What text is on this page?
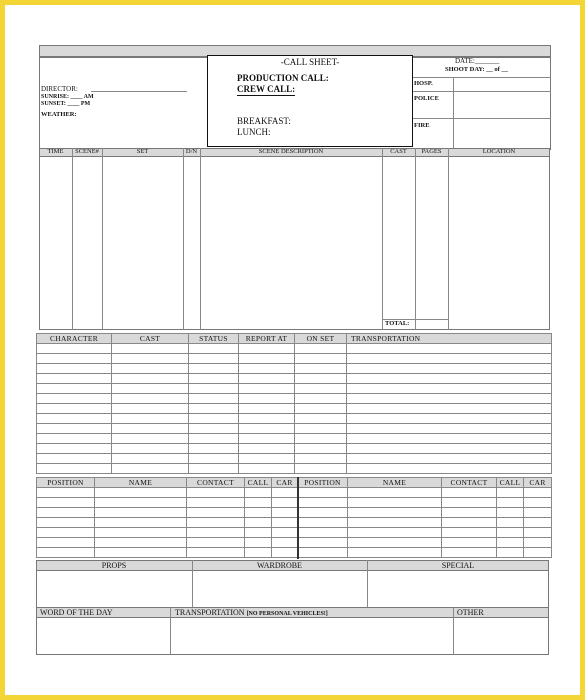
DIRECTOR:
SUNRISE: ____ AM
SUNSET: ____ PM
WEATHER:
-CALL SHEET-
PRODUCTION CALL:
CREW CALL:
BREAKFAST:
LUNCH:
DATE:_______
SHOOT DAY: __ of __
HOSP.
POLICE
FIRE
CHARACTER	CAST	STATUS	REPORT AT	ON SET	TRANSPORTATION

POSITION	NAME	CONTACT	CALL	CAR	POSITION	NAME	CONTACT	CALL	CAR

PROPS	WARDROBE	SPECIAL
WORD OF THE DAY	TRANSPORTATION [NO PERSONAL VEHICLES!]	OTHER
TIME	SCENE#	SET	D/N	SCENE DESCRIPTION	CAST	PAGES	LOCATION
TOTAL:
